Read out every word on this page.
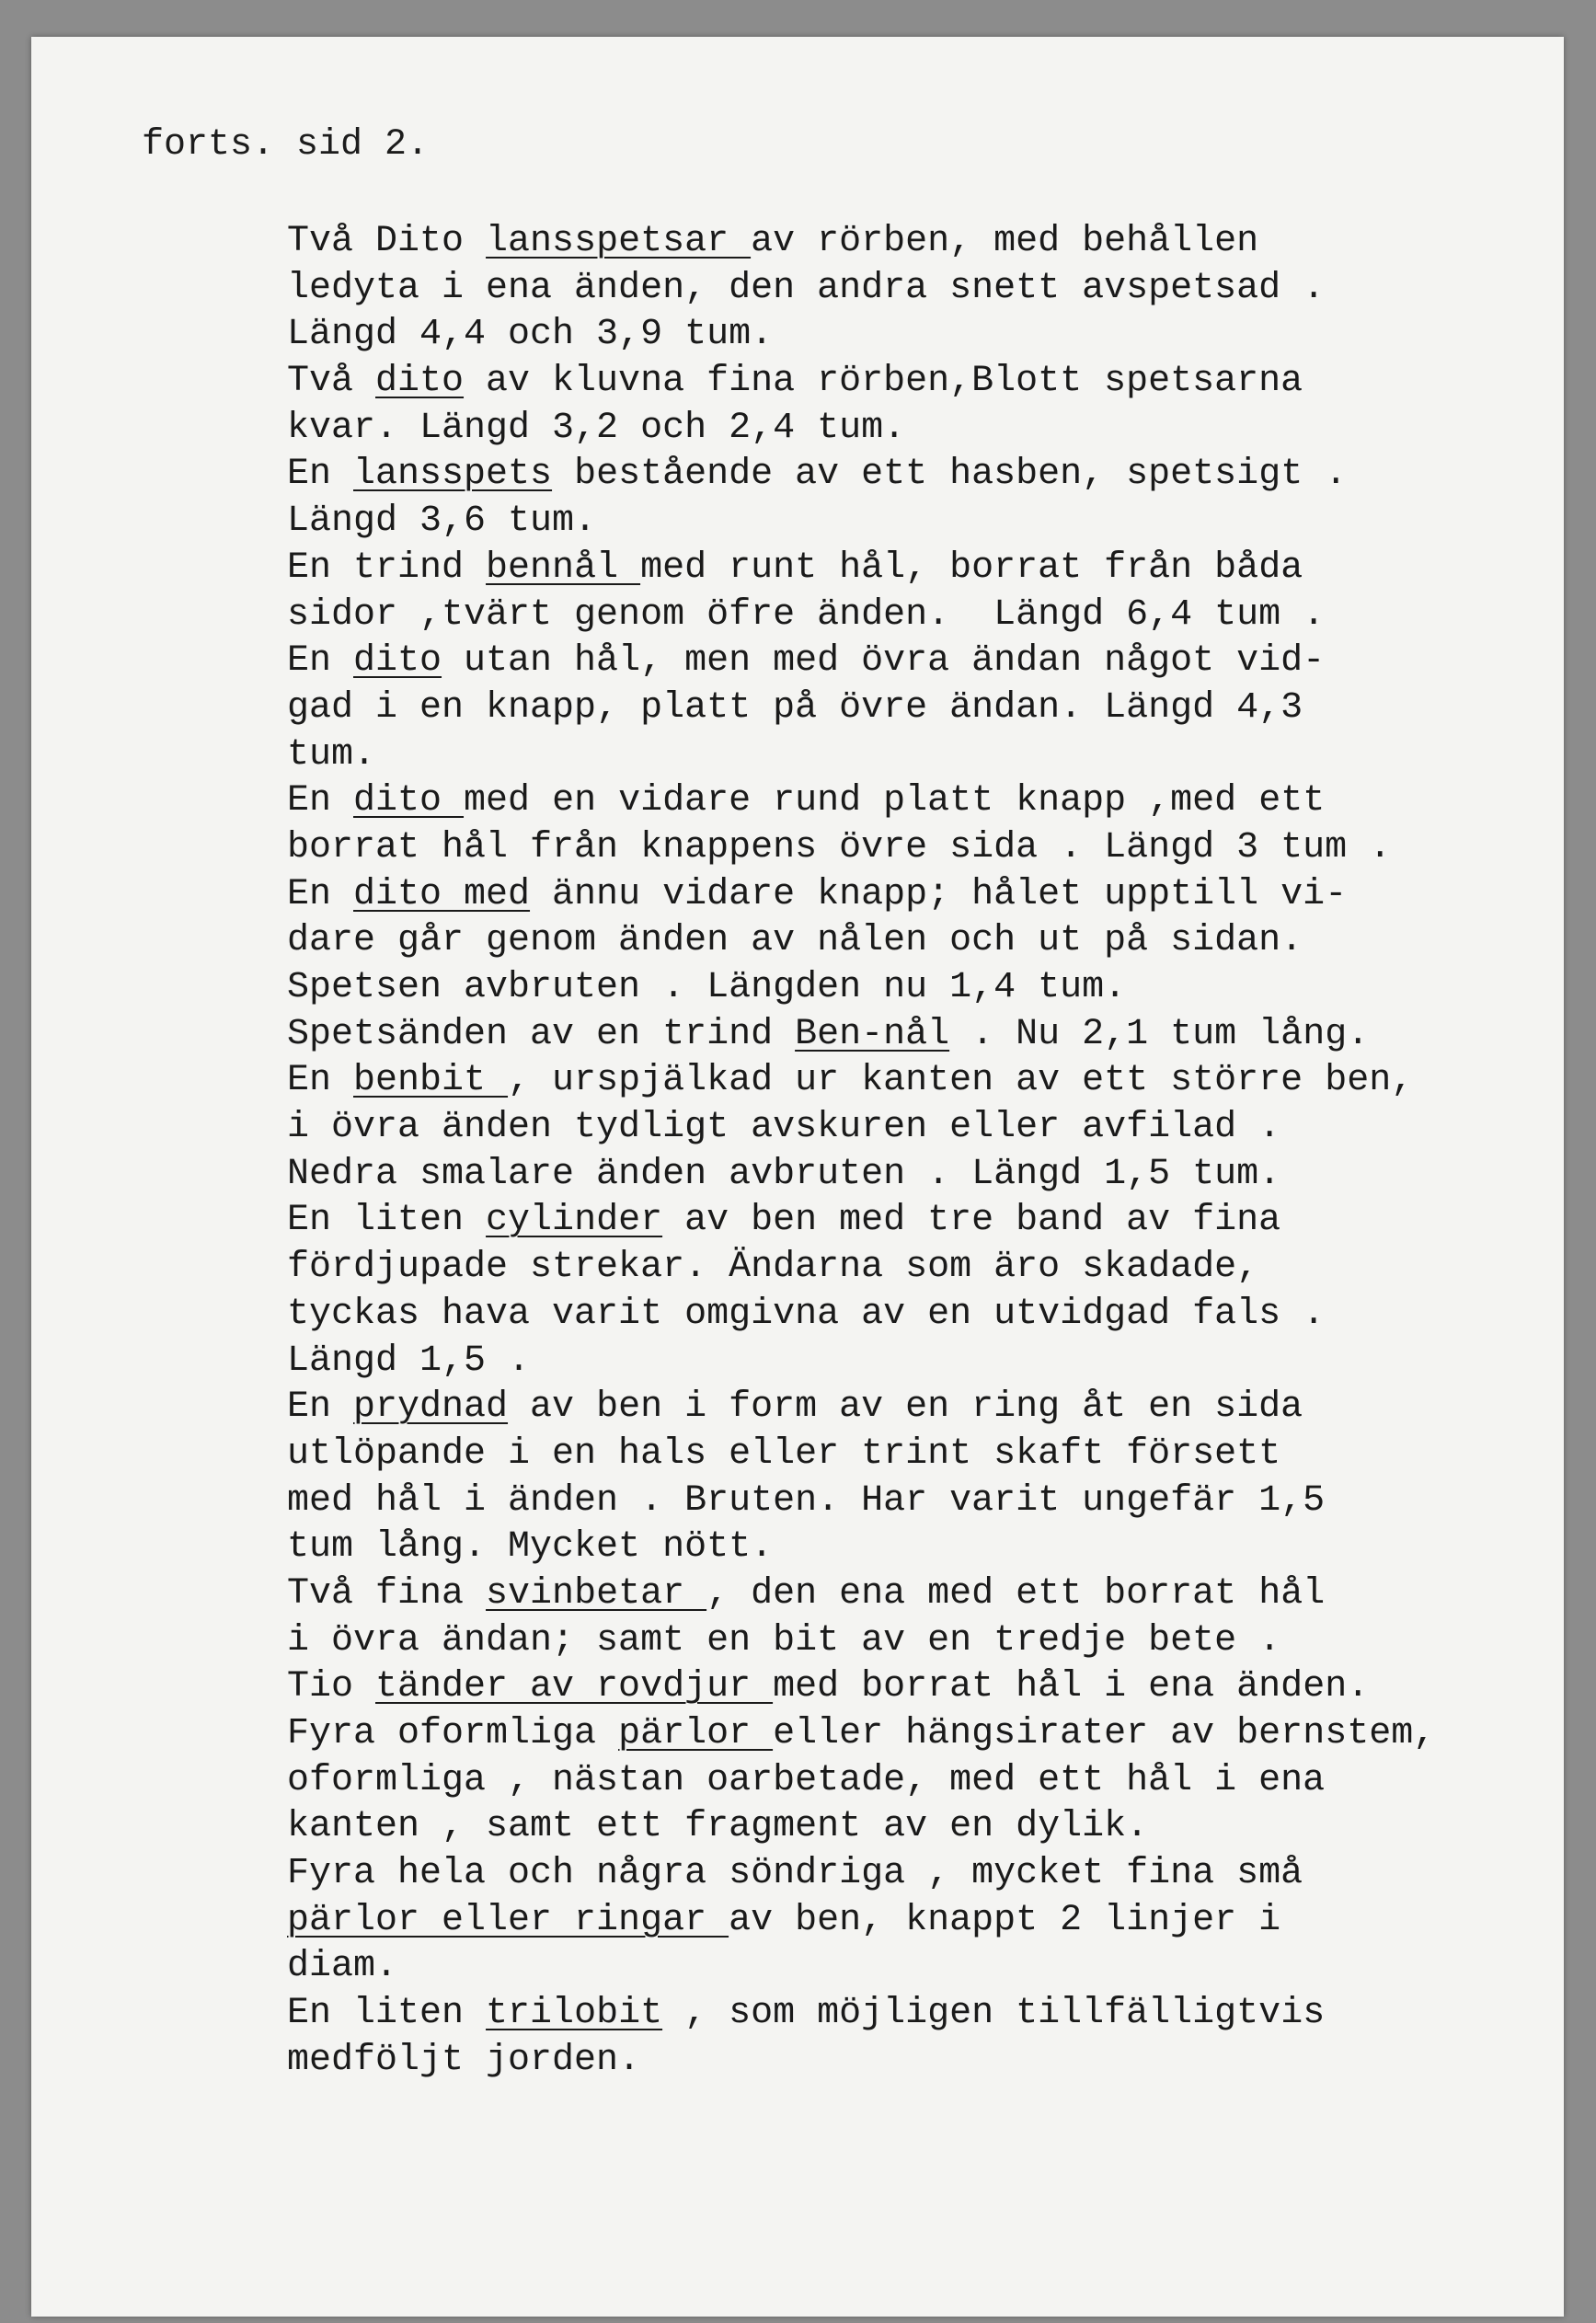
forts. sid 2.
Två Dito lansspetsar av rörben, med behållen
ledyta i ena änden, den andra snett avspetsad .
Längd 4,4 och 3,9 tum.
Två dito av kluvna fina rörben,Blott spetsarna
kvar. Längd 3,2 och 2,4 tum.
En lansspets bestående av ett hasben, spetsigt .
Längd 3,6 tum.
En trind bennål med runt hål, borrat från båda
sidor ,tvärt genom öfre änden.  Längd 6,4 tum .
En dito utan hål, men med övra ändan något vid-
gad i en knapp, platt på övre ändan. Längd 4,3
tum.
En dito med en vidare rund platt knapp ,med ett
borrat hål från knappens övre sida . Längd 3 tum .
En dito med ännu vidare knapp; hålet upptill vi-
dare går genom änden av nålen och ut på sidan.
Spetsen avbruten . Längden nu 1,4 tum.
Spetsänden av en trind Ben-nål . Nu 2,1 tum lång.
En benbit , urspjälkad ur kanten av ett större ben,
i övra änden tydligt avskuren eller avfilad .
Nedra smalare änden avbruten . Längd 1,5 tum.
En liten cylinder av ben med tre band av fina
fördjupade strekar. Ändarna som äro skadade,
tyckas hava varit omgivna av en utvidgad fals .
Längd 1,5 .
En prydnad av ben i form av en ring åt en sida
utlöpande i en hals eller trint skaft försett
med hål i änden . Bruten. Har varit ungefär 1,5
tum lång. Mycket nött.
Två fina svinbetar , den ena med ett borrat hål
i övra ändan; samt en bit av en tredje bete .
Tio tänder av rovdjur med borrat hål i ena änden.
Fyra oformliga pärlor eller hängsirater av bernstem,
oformliga , nästan oarbetade, med ett hål i ena
kanten , samt ett fragment av en dylik.
Fyra hela och några söndriga , mycket fina små
pärlor eller ringar av ben, knappt 2 linjer i
diam.
En liten trilobit , som möjligen tillfälligtvis
medföljt jorden.
